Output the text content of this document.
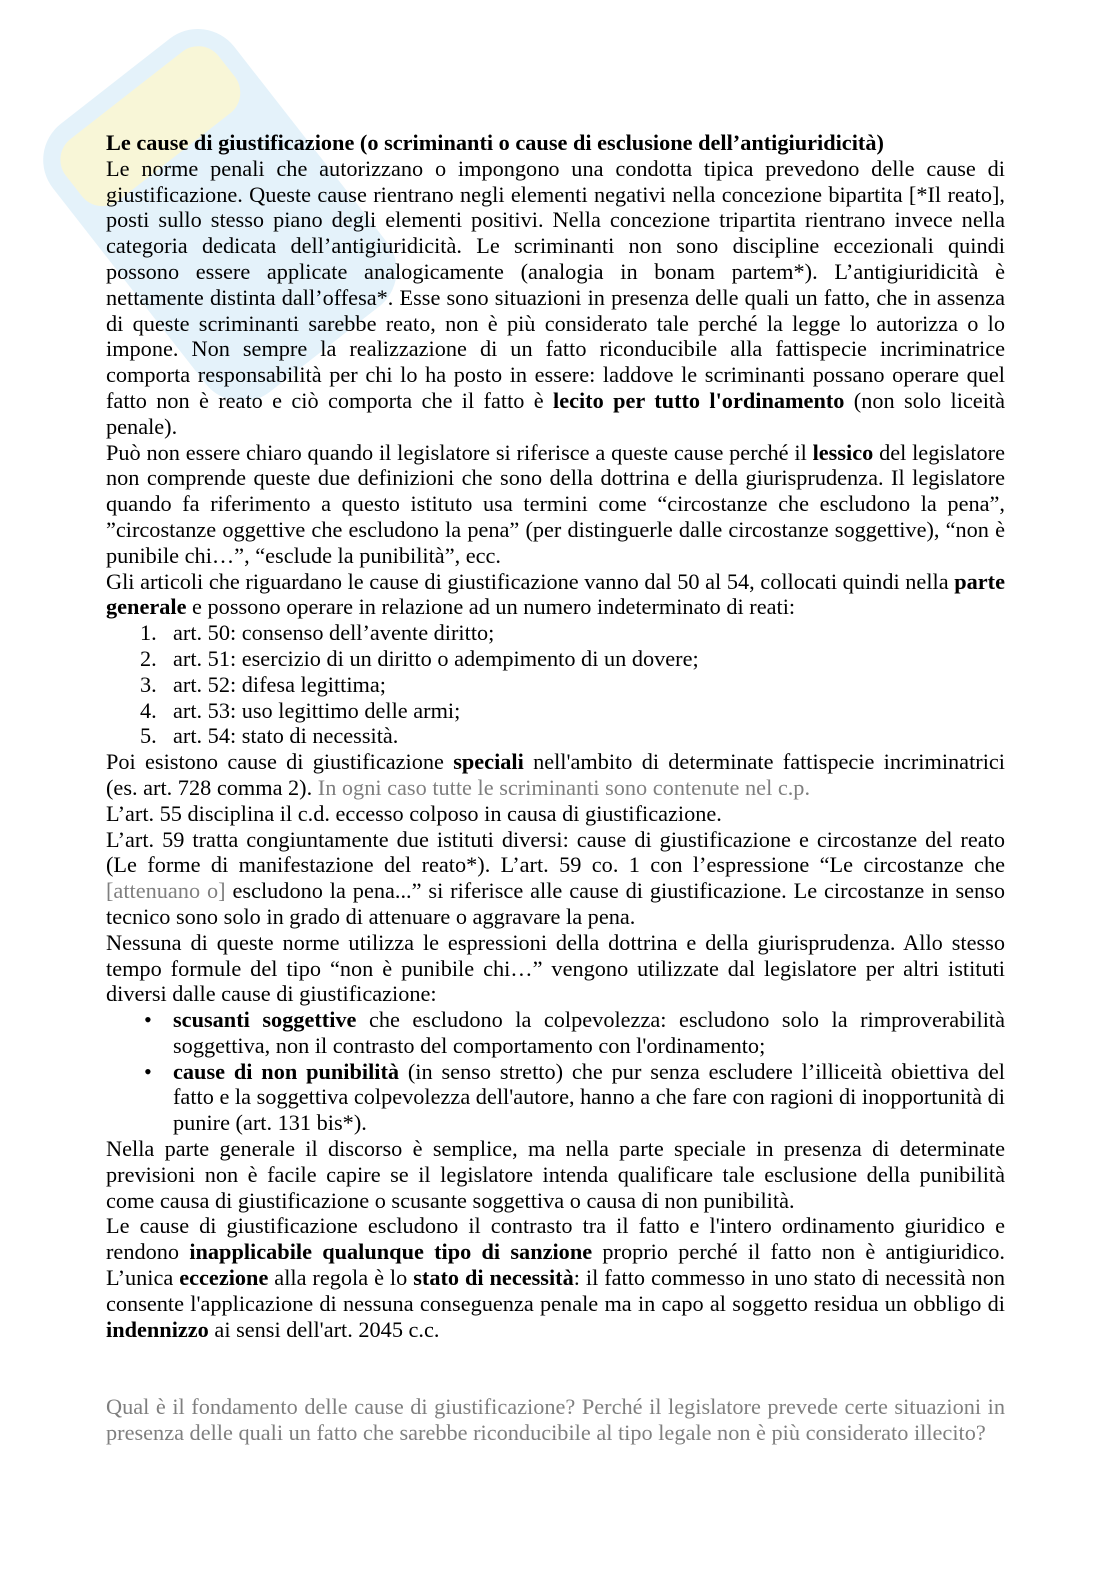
Le cause di giustificazione (o scriminanti o cause di esclusione dell’antigiuridicità)

Le norme penali che autorizzano o impongono una condotta tipica prevedono delle cause di giustificazione. Queste cause rientrano negli elementi negativi nella concezione bipartita [*Il reato], posti sullo stesso piano degli elementi positivi. Nella concezione tripartita rientrano invece nella categoria dedicata dell’antigiuridicità. Le scriminanti non sono discipline eccezionali quindi possono essere applicate analogicamente (analogia in bonam partem*). L’antigiuridicità è nettamente distinta dall’offesa*. Esse sono situazioni in presenza delle quali un fatto, che in assenza di queste scriminanti sarebbe reato, non è più considerato tale perché la legge lo autorizza o lo impone. Non sempre la realizzazione di un fatto riconducibile alla fattispecie incriminatrice comporta responsabilità per chi lo ha posto in essere: laddove le scriminanti possano operare quel fatto non è reato e ciò comporta che il fatto è lecito per tutto l'ordinamento (non solo liceità penale).

Può non essere chiaro quando il legislatore si riferisce a queste cause perché il lessico del legislatore non comprende queste due definizioni che sono della dottrina e della giurisprudenza. Il legislatore quando fa riferimento a questo istituto usa termini come “circostanze che escludono la pena”, ”circostanze oggettive che escludono la pena” (per distinguerle dalle circostanze soggettive), “non è punibile chi…”, “esclude la punibilità”, ecc.

Gli articoli che riguardano le cause di giustificazione vanno dal 50 al 54, collocati quindi nella parte generale e possono operare in relazione ad un numero indeterminato di reati:

1. art. 50: consenso dell’avente diritto;
2. art. 51: esercizio di un diritto o adempimento di un dovere;
3. art. 52: difesa legittima;
4. art. 53: uso legittimo delle armi;
5. art. 54: stato di necessità.

Poi esistono cause di giustificazione speciali nell'ambito di determinate fattispecie incriminatrici (es. art. 728 comma 2). In ogni caso tutte le scriminanti sono contenute nel c.p.

L’art. 55 disciplina il c.d. eccesso colposo in causa di giustificazione.

L’art. 59 tratta congiuntamente due istituti diversi: cause di giustificazione e circostanze del reato (Le forme di manifestazione del reato*). L’art. 59 co. 1 con l’espressione “Le circostanze che [attenuano o] escludono la pena...” si riferisce alle cause di giustificazione. Le circostanze in senso tecnico sono solo in grado di attenuare o aggravare la pena.

Nessuna di queste norme utilizza le espressioni della dottrina e della giurisprudenza. Allo stesso tempo formule del tipo “non è punibile chi…” vengono utilizzate dal legislatore per altri istituti diversi dalle cause di giustificazione:

• scusanti soggettive che escludono la colpevolezza: escludono solo la rimproverabilità soggettiva, non il contrasto del comportamento con l'ordinamento;
• cause di non punibilità (in senso stretto) che pur senza escludere l’illiceità obiettiva del fatto e la soggettiva colpevolezza dell'autore, hanno a che fare con ragioni di inopportunità di punire (art. 131 bis*).

Nella parte generale il discorso è semplice, ma nella parte speciale in presenza di determinate previsioni non è facile capire se il legislatore intenda qualificare tale esclusione della punibilità come causa di giustificazione o scusante soggettiva o causa di non punibilità.

Le cause di giustificazione escludono il contrasto tra il fatto e l'intero ordinamento giuridico e rendono inapplicabile qualunque tipo di sanzione proprio perché il fatto non è antigiuridico. L’unica eccezione alla regola è lo stato di necessità: il fatto commesso in uno stato di necessità non consente l'applicazione di nessuna conseguenza penale ma in capo al soggetto residua un obbligo di indennizzo ai sensi dell'art. 2045 c.c.

Qual è il fondamento delle cause di giustificazione? Perché il legislatore prevede certe situazioni in presenza delle quali un fatto che sarebbe riconducibile al tipo legale non è più considerato illecito?
